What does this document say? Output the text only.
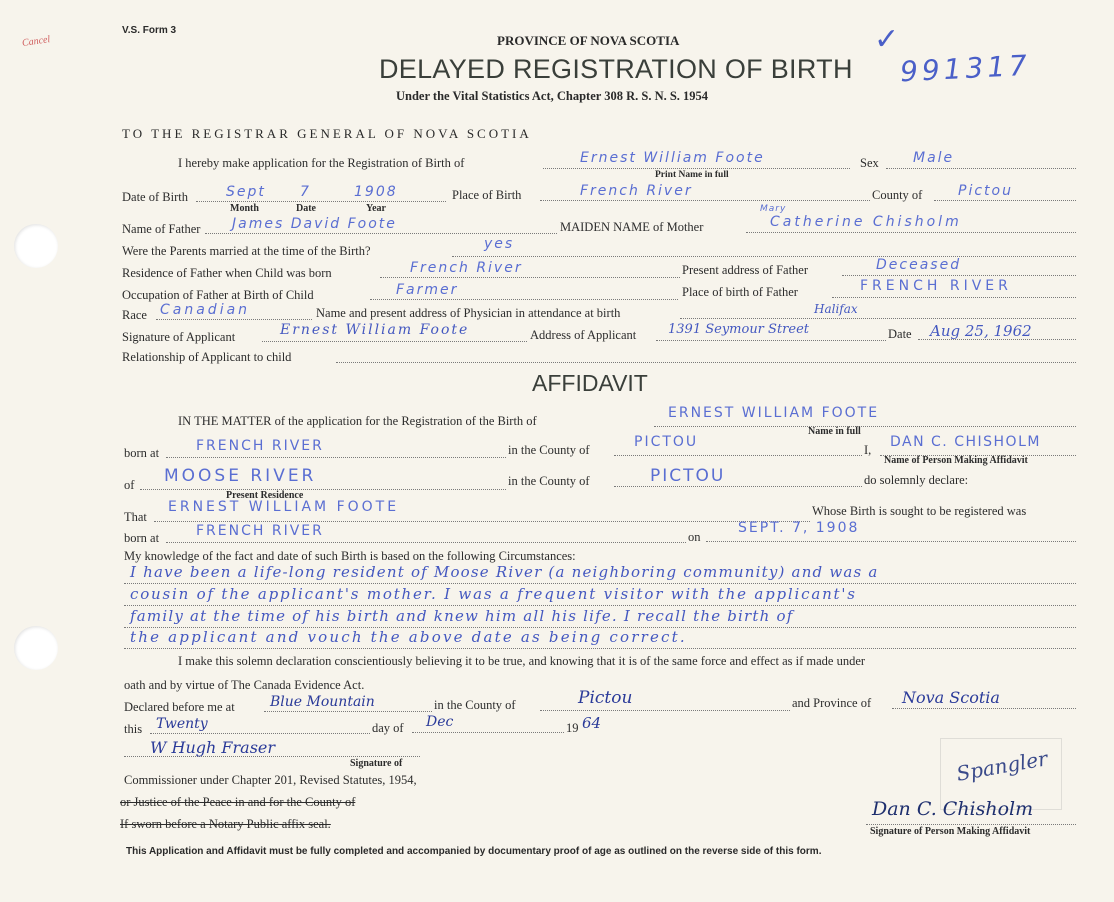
Cancel
V.S. Form 3
PROVINCE OF NOVA SCOTIA
DELAYED REGISTRATION OF BIRTH
Under the Vital Statistics Act, Chapter 308 R. S. N. S. 1954
✓
991317
TO THE REGISTRAR GENERAL OF NOVA SCOTIA
I hereby make application for the Registration of Birth of	Ernest William Foote
Print Name in full
Sex Male
Date of Birth	Sept 7	1908
Month	Date	Year
Place of Birth	French River	County of	Pictou
Name of Father James David Foote	MAIDEN NAME of Mother
Mary
Catherine Chisholm
Were the Parents married at the time of the Birth?	yes
Residence of Father when Child was born	French River	Present address of Father	Deceased
Occupation of Father at Birth of Child	Farmer	Place of birth of Father	FRENCH RIVER
Race Canadian	Name and present address of Physician in attendance at birth	Halifax
Signature of Applicant	Ernest William Foote	Address of Applicant 1391 Seymour Street	Date Aug 25, 1962
Relationship of Applicant to child
AFFIDAVIT
IN THE MATTER of the application for the Registration of the Birth of	ERNEST WILLIAM FOOTE
Name in full
born at	FRENCH RIVER	in the County of	PICTOU	I, DAN C. CHISHOLM
Name of Person Making Affidavit
of MOOSE RIVER
Present Residence
in the County of	PICTOU	do solemnly declare:
That
ERNEST WILLIAM FOOTE	Whose Birth is sought to be registered was
born at	FRENCH RIVER	on
SEPT. 7, 1908
My knowledge of the fact and date of such Birth is based on the following Circumstances:
I have been a life-long resident of Moose River (a neighboring community) and was a
cousin of the applicant's mother. I was a frequent visitor with the applicant's
family at the time of his birth and knew him all his life. I recall the birth of
the applicant and vouch the above date as being correct.
I make this solemn declaration conscientiously believing it to be true, and knowing that it is of the same force and effect as if made under
oath and by virtue of The Canada Evidence Act.
Declared before me at	Blue Mountain	in the County of	Pictou	and Province of Nova Scotia
this Twenty	day of Dec	19 64
W Hugh Fraser
Signature of
Commissioner under Chapter 201, Revised Statutes, 1954,
or Justice of the Peace in and for the County of
If sworn before a Notary Public affix seal.
Spangler
Dan C. Chisholm
Signature of Person Making Affidavit
This Application and Affidavit must be fully completed and accompanied by documentary proof of age as outlined on the reverse side of this form.
